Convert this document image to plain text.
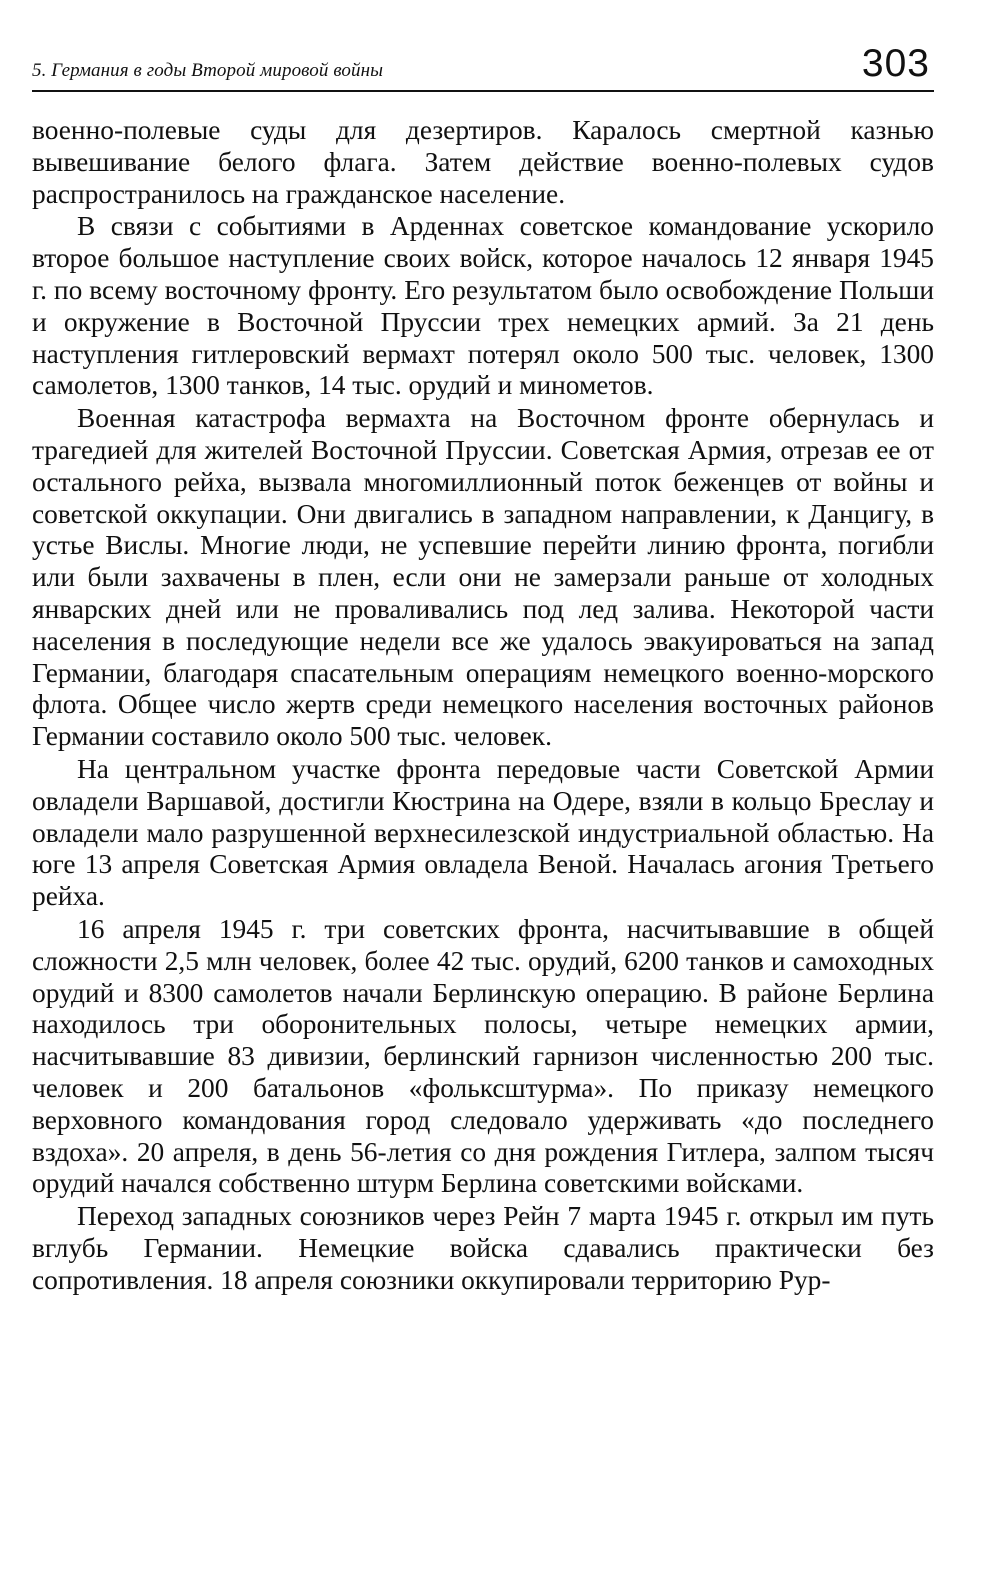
5. Германия в годы Второй мировой войны	303

военно-полевые суды для дезертиров. Каралось смертной казнью вывешивание белого флага. Затем действие военно-полевых судов распространилось на гражданское население.

В связи с событиями в Арденнах советское командование ускорило второе большое наступление своих войск, которое началось 12 января 1945 г. по всему восточному фронту. Его результатом было освобождение Польши и окружение в Восточной Пруссии трех немецких армий. За 21 день наступления гитлеровский вермахт потерял около 500 тыс. человек, 1300 самолетов, 1300 танков, 14 тыс. орудий и минометов.

Военная катастрофа вермахта на Восточном фронте обернулась и трагедией для жителей Восточной Пруссии. Советская Армия, отрезав ее от остального рейха, вызвала многомиллионный поток беженцев от войны и советской оккупации. Они двигались в западном направлении, к Данцигу, в устье Вислы. Многие люди, не успевшие перейти линию фронта, погибли или были захвачены в плен, если они не замерзали раньше от холодных январских дней или не проваливались под лед залива. Некоторой части населения в последующие недели все же удалось эвакуироваться на запад Германии, благодаря спасательным операциям немецкого военно-морского флота. Общее число жертв среди немецкого населения восточных районов Германии составило около 500 тыс. человек.

На центральном участке фронта передовые части Советской Армии овладели Варшавой, достигли Кюстрина на Одере, взяли в кольцо Бреслау и овладели мало разрушенной верхнесилезской индустриальной областью. На юге 13 апреля Советская Армия овладела Веной. Началась агония Третьего рейха.

16 апреля 1945 г. три советских фронта, насчитывавшие в общей сложности 2,5 млн человек, более 42 тыс. орудий, 6200 танков и самоходных орудий и 8300 самолетов начали Берлинскую операцию. В районе Берлина находилось три оборонительных полосы, четыре немецких армии, насчитывавшие 83 дивизии, берлинский гарнизон численностью 200 тыс. человек и 200 батальонов «фольксштурма». По приказу немецкого верховного командования город следовало удерживать «до последнего вздоха». 20 апреля, в день 56-летия со дня рождения Гитлера, залпом тысяч орудий начался собственно штурм Берлина советскими войсками.

Переход западных союзников через Рейн 7 марта 1945 г. открыл им путь вглубь Германии. Немецкие войска сдавались практически без сопротивления. 18 апреля союзники оккупировали территорию Рур-
